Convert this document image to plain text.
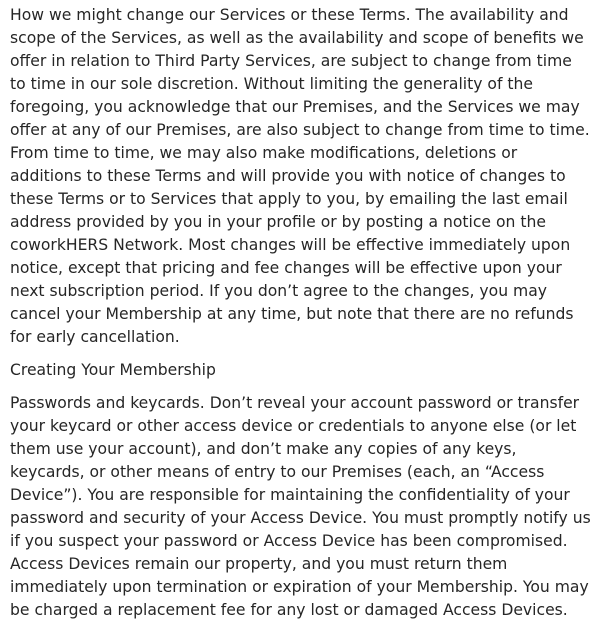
How we might change our Services or these Terms. The availability and scope of the Services, as well as the availability and scope of benefits we offer in relation to Third Party Services, are subject to change from time to time in our sole discretion. Without limiting the generality of the foregoing, you acknowledge that our Premises, and the Services we may offer at any of our Premises, are also subject to change from time to time. From time to time, we may also make modifications, deletions or additions to these Terms and will provide you with notice of changes to these Terms or to Services that apply to you, by emailing the last email address provided by you in your profile or by posting a notice on the coworkHERS Network. Most changes will be effective immediately upon notice, except that pricing and fee changes will be effective upon your next subscription period. If you don’t agree to the changes, you may cancel your Membership at any time, but note that there are no refunds for early cancellation.

Creating Your Membership

Passwords and keycards. Don’t reveal your account password or transfer your keycard or other access device or credentials to anyone else (or let them use your account), and don’t make any copies of any keys, keycards, or other means of entry to our Premises (each, an “Access Device”). You are responsible for maintaining the confidentiality of your password and security of your Access Device. You must promptly notify us if you suspect your password or Access Device has been compromised. Access Devices remain our property, and you must return them immediately upon termination or expiration of your Membership. You may be charged a replacement fee for any lost or damaged Access Devices.
